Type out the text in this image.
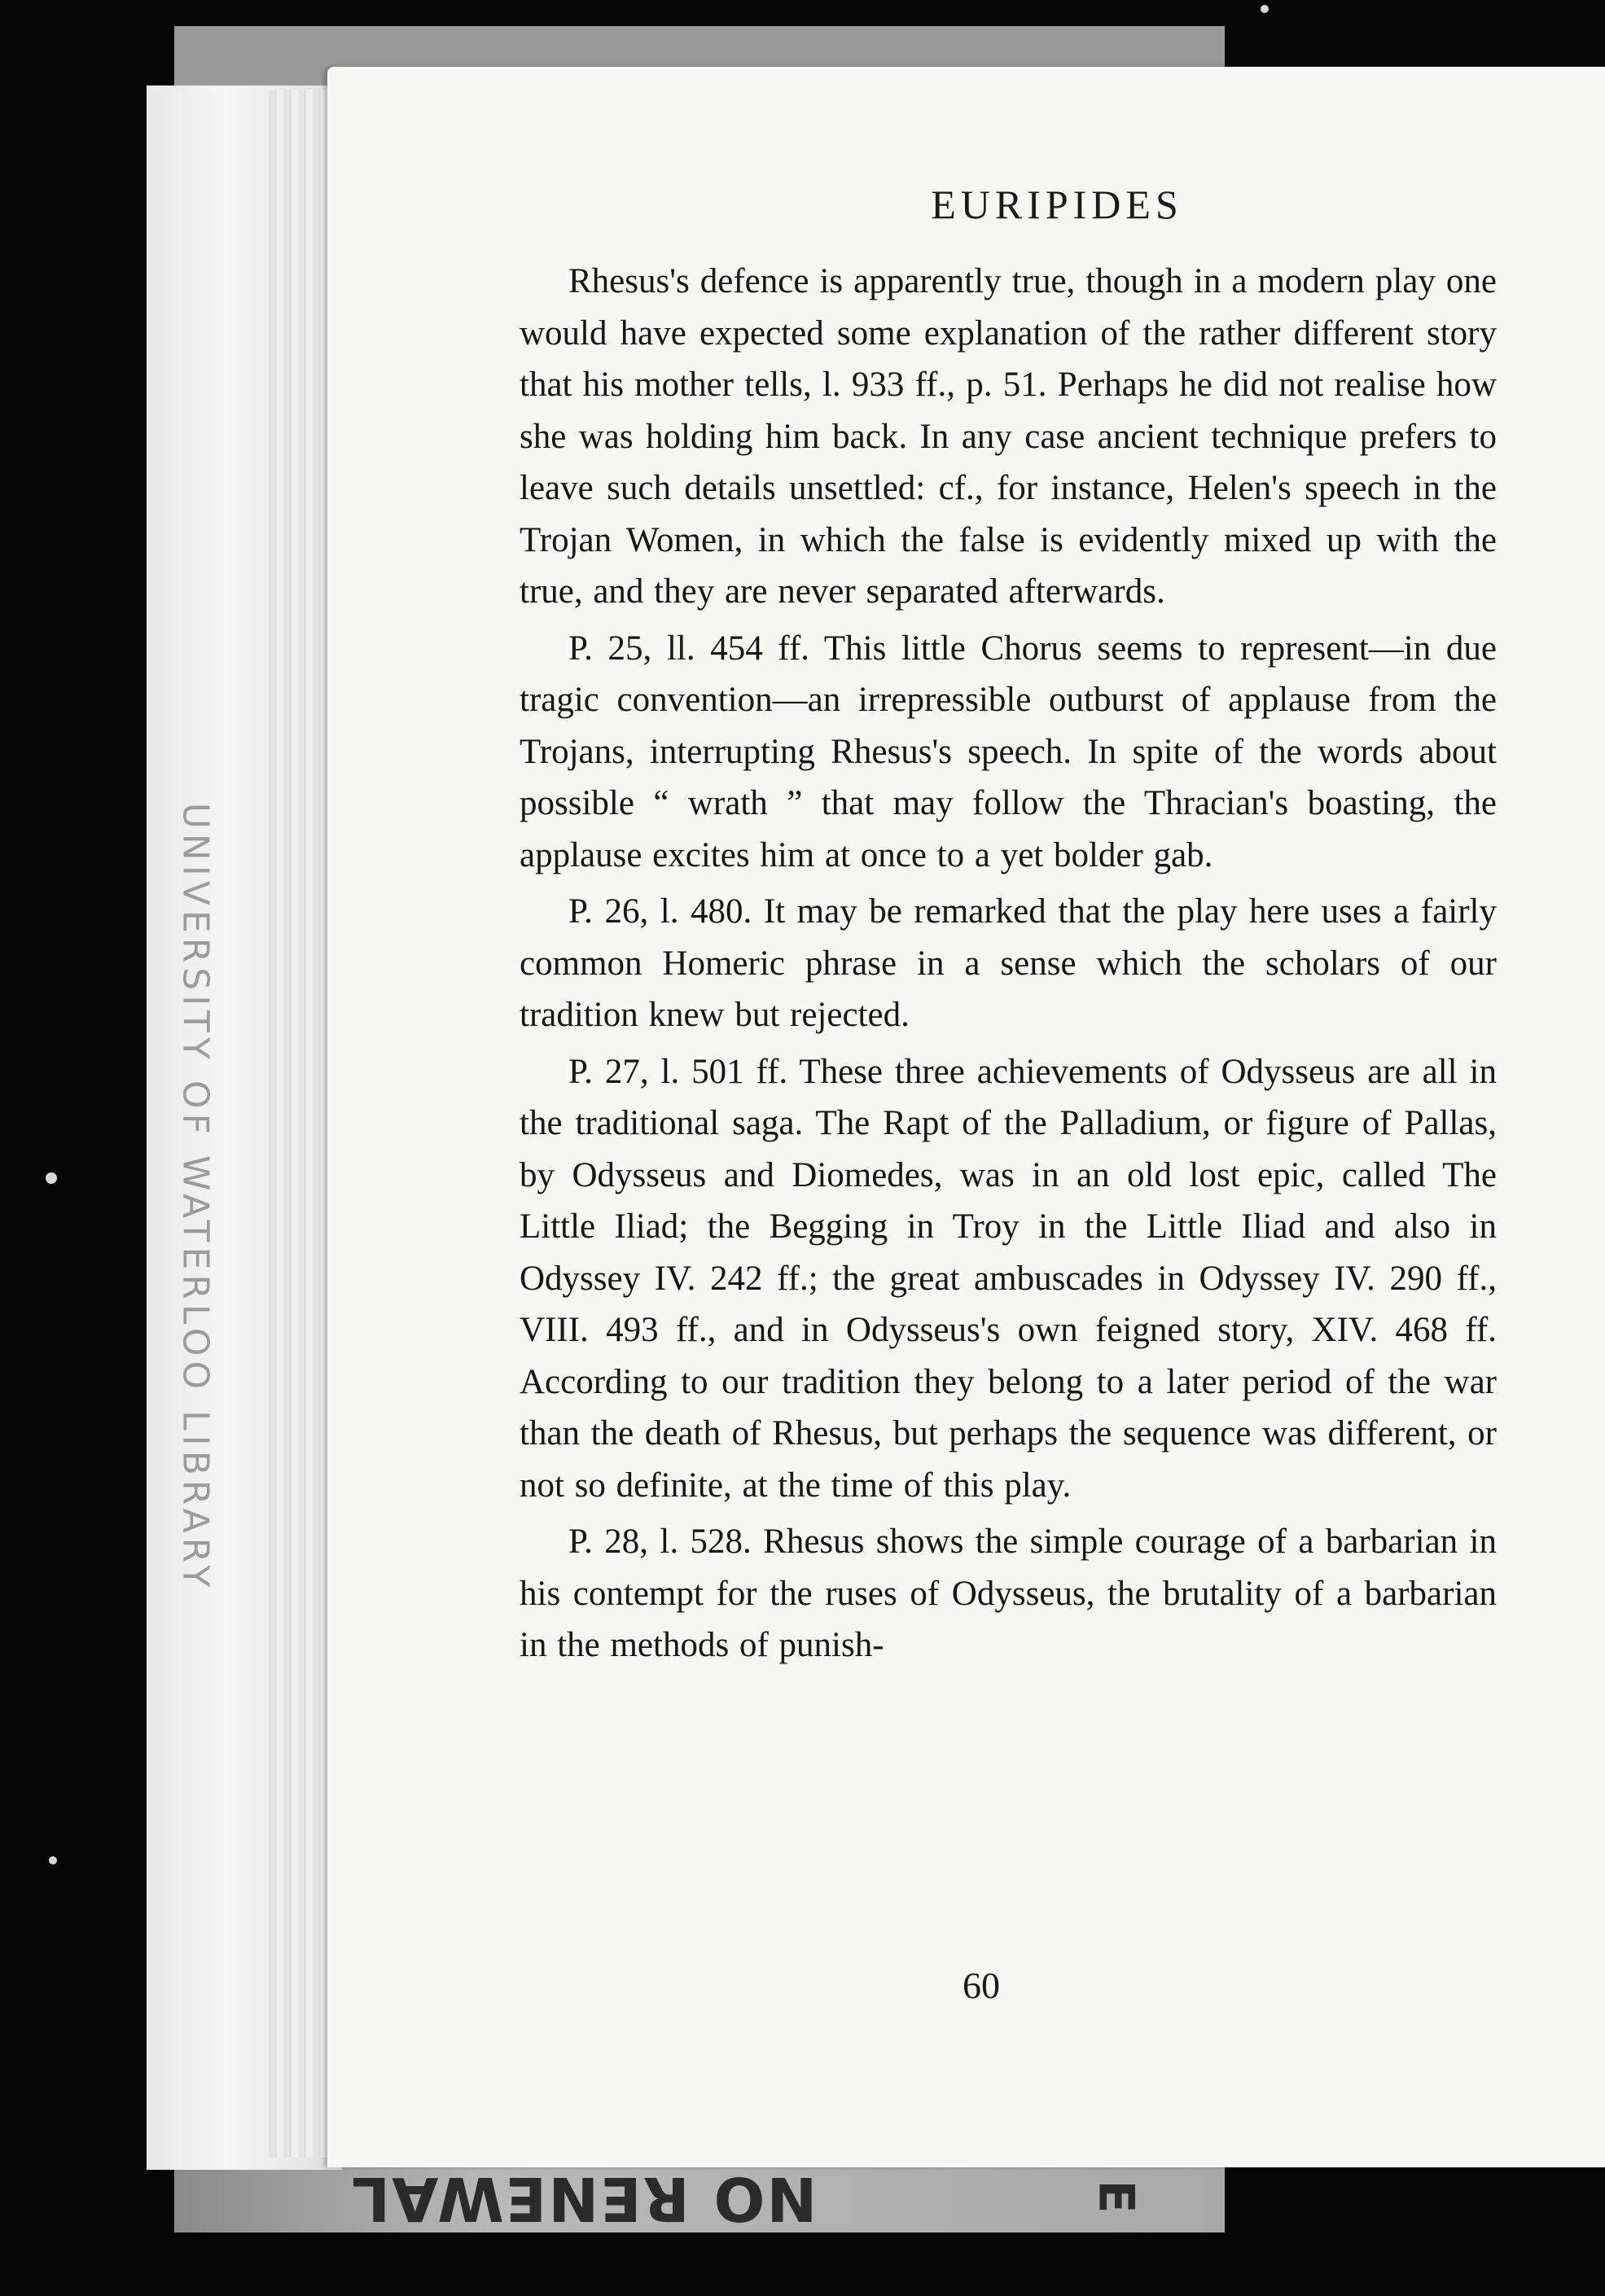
UNIVERSITY OF WATERLOO LIBRARY
EURIPIDES

Rhesus's defence is apparently true, though in a modern play one would have expected some explanation of the rather different story that his mother tells, l. 933 ff., p. 51. Perhaps he did not realise how she was holding him back. In any case ancient technique prefers to leave such details unsettled: cf., for instance, Helen's speech in the Trojan Women, in which the false is evidently mixed up with the true, and they are never separated afterwards.

P. 25, ll. 454 ff. This little Chorus seems to represent—in due tragic convention—an irrepressible outburst of applause from the Trojans, interrupting Rhesus's speech. In spite of the words about possible “ wrath ” that may follow the Thracian's boasting, the applause excites him at once to a yet bolder gab.

P. 26, l. 480. It may be remarked that the play here uses a fairly common Homeric phrase in a sense which the scholars of our tradition knew but rejected.

P. 27, l. 501 ff. These three achievements of Odysseus are all in the traditional saga. The Rapt of the Palladium, or figure of Pallas, by Odysseus and Diomedes, was in an old lost epic, called The Little Iliad; the Begging in Troy in the Little Iliad and also in Odyssey IV. 242 ff.; the great ambuscades in Odyssey IV. 290 ff., VIII. 493 ff., and in Odysseus's own feigned story, XIV. 468 ff. According to our tradition they belong to a later period of the war than the death of Rhesus, but perhaps the sequence was different, or not so definite, at the time of this play.

P. 28, l. 528. Rhesus shows the simple courage of a barbarian in his contempt for the ruses of Odysseus, the brutality of a barbarian in the methods of punish-

60
NO RENEWAL	E
